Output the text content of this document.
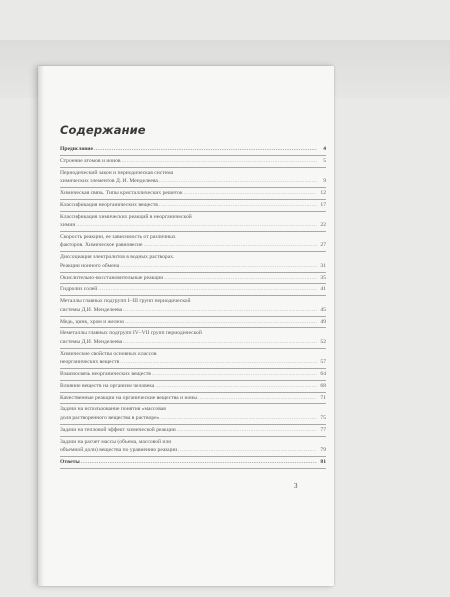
Содержание
Предисловие .....	4
Строение атомов и ионов .....	5
Периодический закон и периодическая система
химических элементов Д. И. Менделеева .....	9
Химическая связь. Типы кристаллических решеток .....	12
Классификация неорганических веществ .....	17
Классификация химических реакций в неорганической
химии .....	22
Скорость реакции, ее зависимость от различных
факторов. Химическое равновесие .....	27
Диссоциация электролитов в водных растворах.
Реакции ионного обмена .....	31
Окислительно-восстановительные реакции .....	35
Гидролиз солей .....	41
Металлы главных подгрупп I–III групп периодической
системы Д.И. Менделеева .....	45
Медь, цинк, хром и железо .....	49
Неметаллы главных подгрупп IV–VII групп периодической
системы Д.И. Менделеева .....	52
Химические свойства основных классов
неорганических веществ .....	57
Взаимосвязь неорганических веществ .....	64
Влияние веществ на организм человека .....	68
Качественные реакции на органические вещества и ионы .....	71
Задачи на использование понятия «массовая
доля растворенного вещества в растворе» .....	75
Задачи на тепловой эффект химической реакции .....	77
Задачи на расчет массы (объема, массовой или
объемной доли) вещества по уравнению реакции .....	79
Ответы .....	81
3
